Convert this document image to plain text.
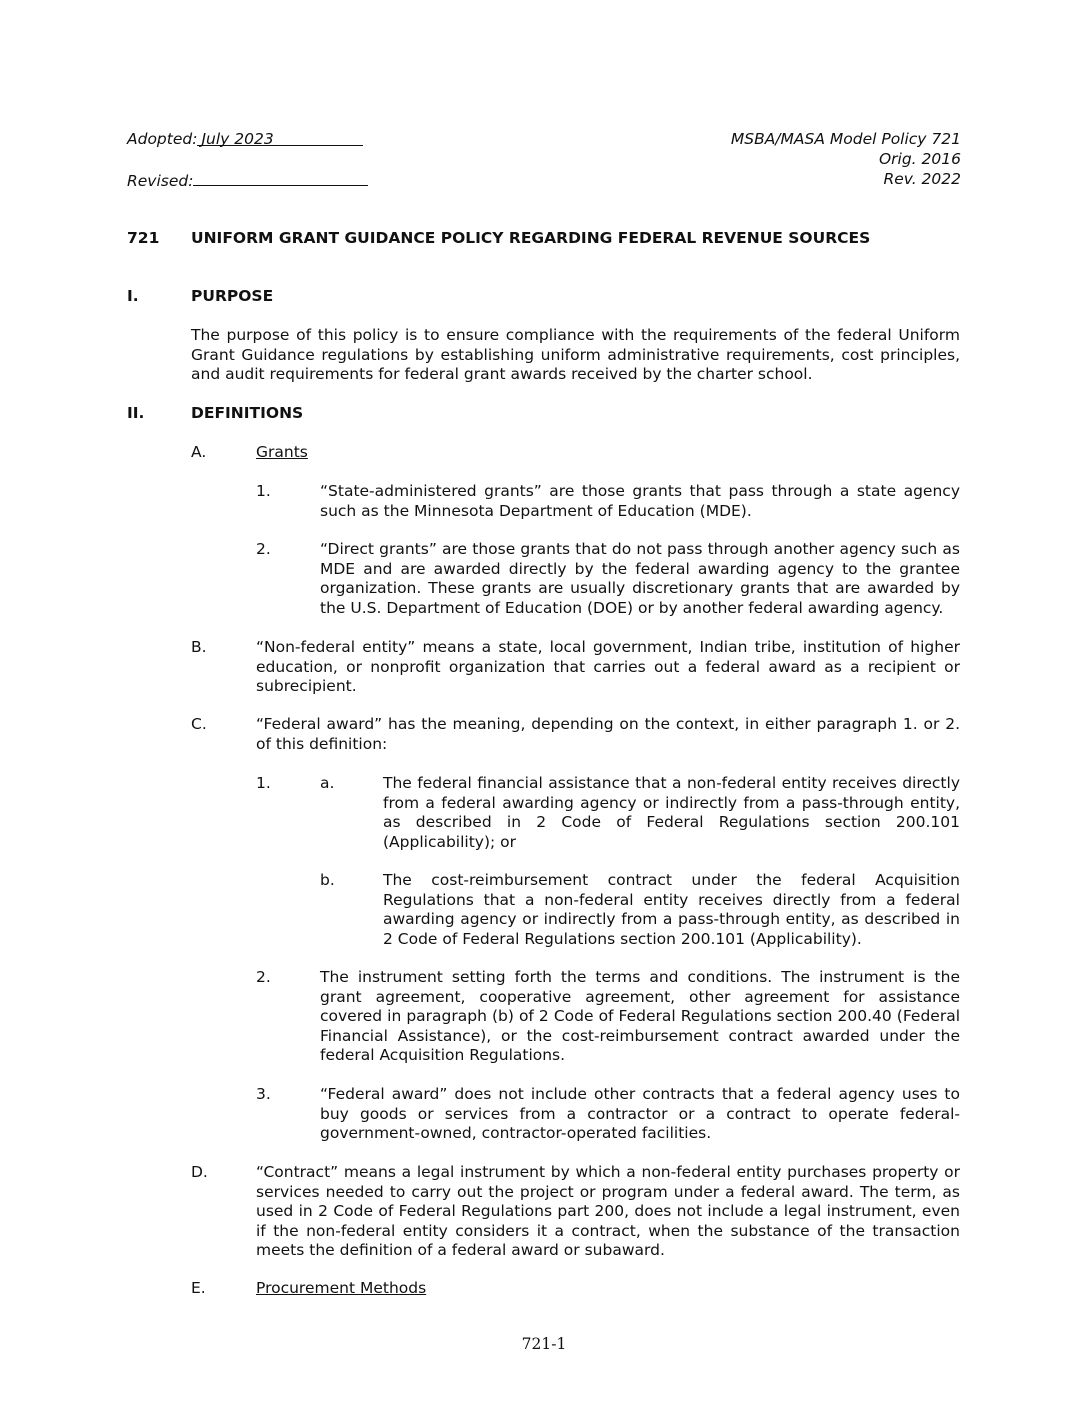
Adopted: July 2023
Revised:
MSBA/MASA Model Policy 721
Orig. 2016
Rev. 2022
721 UNIFORM GRANT GUIDANCE POLICY REGARDING FEDERAL REVENUE SOURCES
I.	PURPOSE
The purpose of this policy is to ensure compliance with the requirements of the federal Uniform Grant Guidance regulations by establishing uniform administrative requirements, cost principles, and audit requirements for federal grant awards received by the charter school.
II.	DEFINITIONS
A.	Grants
1.	“State-administered grants” are those grants that pass through a state agency such as the Minnesota Department of Education (MDE).
2.	“Direct grants” are those grants that do not pass through another agency such as MDE and are awarded directly by the federal awarding agency to the grantee organization. These grants are usually discretionary grants that are awarded by the U.S. Department of Education (DOE) or by another federal awarding agency.
B.	“Non-federal entity” means a state, local government, Indian tribe, institution of higher education, or nonprofit organization that carries out a federal award as a recipient or subrecipient.
C.	“Federal award” has the meaning, depending on the context, in either paragraph 1. or 2. of this definition:
1.	a.	The federal financial assistance that a non-federal entity receives directly from a federal awarding agency or indirectly from a pass-through entity, as described in 2 Code of Federal Regulations section 200.101 (Applicability); or
b.	The cost-reimbursement contract under the federal Acquisition Regulations that a non-federal entity receives directly from a federal awarding agency or indirectly from a pass-through entity, as described in 2 Code of Federal Regulations section 200.101 (Applicability).
2.	The instrument setting forth the terms and conditions. The instrument is the grant agreement, cooperative agreement, other agreement for assistance covered in paragraph (b) of 2 Code of Federal Regulations section 200.40 (Federal Financial Assistance), or the cost-reimbursement contract awarded under the federal Acquisition Regulations.
3.	“Federal award” does not include other contracts that a federal agency uses to buy goods or services from a contractor or a contract to operate federal-government-owned, contractor-operated facilities.
D.	“Contract” means a legal instrument by which a non-federal entity purchases property or services needed to carry out the project or program under a federal award. The term, as used in 2 Code of Federal Regulations part 200, does not include a legal instrument, even if the non-federal entity considers it a contract, when the substance of the transaction meets the definition of a federal award or subaward.
E.	Procurement Methods
721-1
